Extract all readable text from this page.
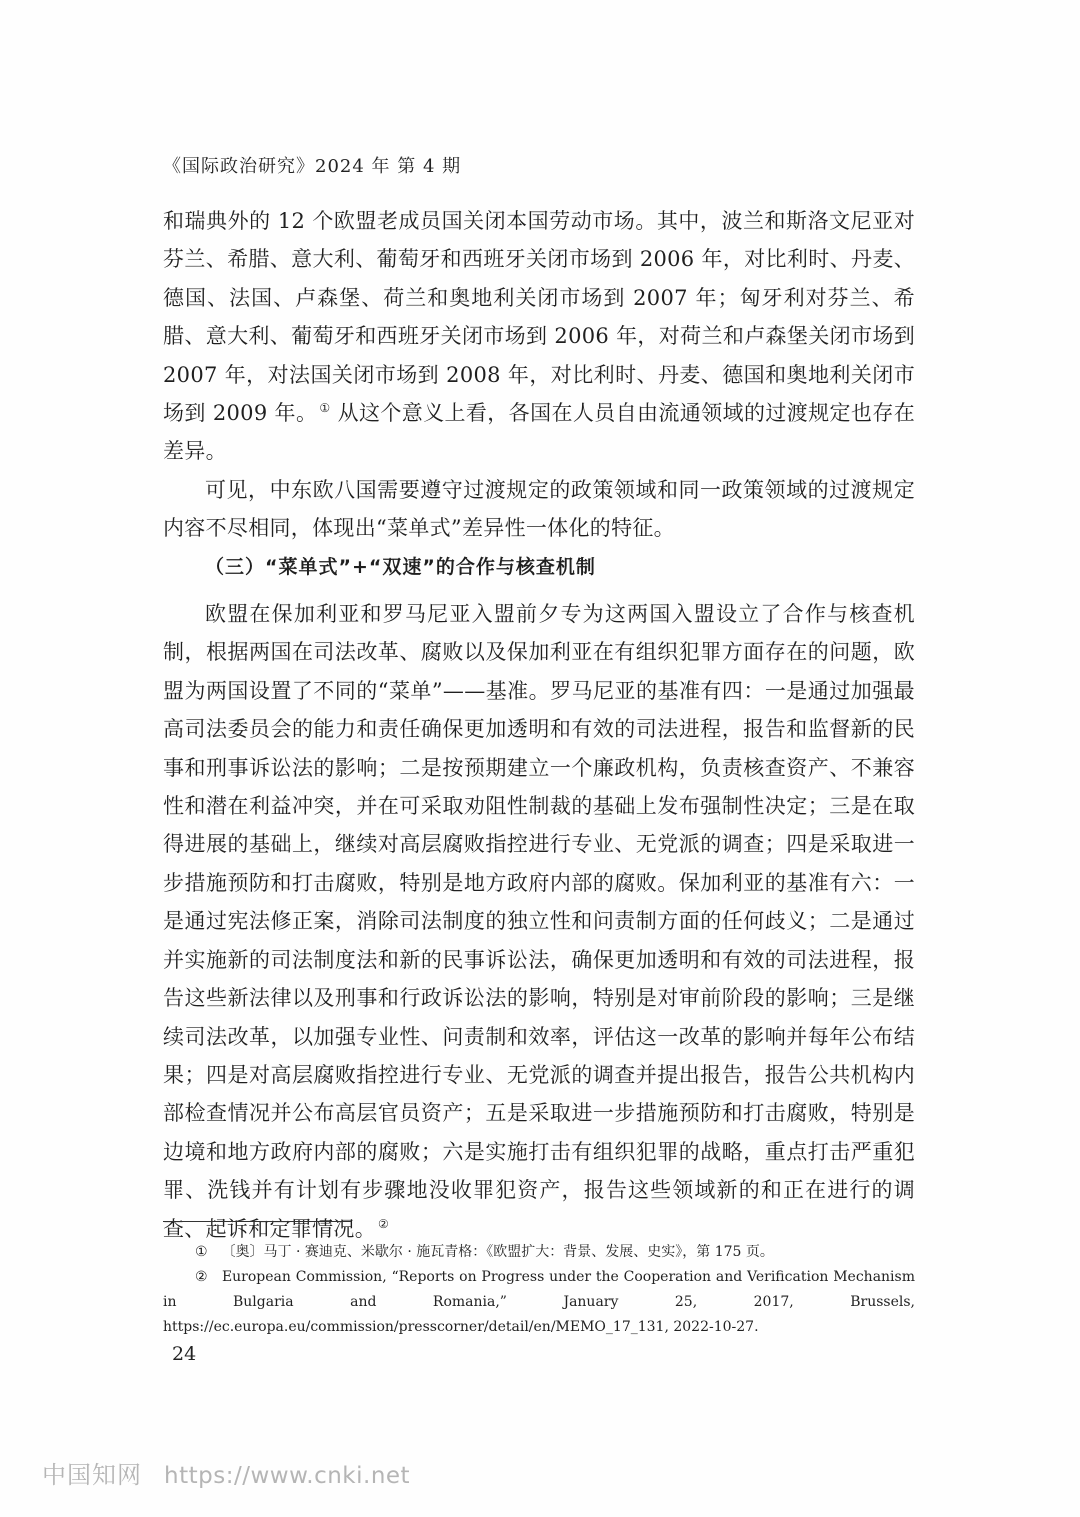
《国际政治研究》2024 年 第 4 期

和瑞典外的 12 个欧盟老成员国关闭本国劳动市场。其中，波兰和斯洛文尼亚对芬兰、希腊、意大利、葡萄牙和西班牙关闭市场到 2006 年，对比利时、丹麦、德国、法国、卢森堡、荷兰和奥地利关闭市场到 2007 年；匈牙利对芬兰、希腊、意大利、葡萄牙和西班牙关闭市场到 2006 年，对荷兰和卢森堡关闭市场到 2007 年，对法国关闭市场到 2008 年，对比利时、丹麦、德国和奥地利关闭市场到 2009 年。 ① 从这个意义上看，各国在人员自由流通领域的过渡规定也存在差异。

可见，中东欧八国需要遵守过渡规定的政策领域和同一政策领域的过渡规定内容不尽相同，体现出“菜单式”差异性一体化的特征。

（三）“菜单式”+“双速”的合作与核查机制

欧盟在保加利亚和罗马尼亚入盟前夕专为这两国入盟设立了合作与核查机制，根据两国在司法改革、腐败以及保加利亚在有组织犯罪方面存在的问题，欧盟为两国设置了不同的“菜单”——基准。罗马尼亚的基准有四：一是通过加强最高司法委员会的能力和责任确保更加透明和有效的司法进程，报告和监督新的民事和刑事诉讼法的影响；二是按预期建立一个廉政机构，负责核查资产、不兼容性和潜在利益冲突，并在可采取劝阻性制裁的基础上发布强制性决定；三是在取得进展的基础上，继续对高层腐败指控进行专业、无党派的调查；四是采取进一步措施预防和打击腐败，特别是地方政府内部的腐败。保加利亚的基准有六：一是通过宪法修正案，消除司法制度的独立性和问责制方面的任何歧义；二是通过并实施新的司法制度法和新的民事诉讼法，确保更加透明和有效的司法进程，报告这些新法律以及刑事和行政诉讼法的影响，特别是对审前阶段的影响；三是继续司法改革，以加强专业性、问责制和效率，评估这一改革的影响并每年公布结果；四是对高层腐败指控进行专业、无党派的调查并提出报告，报告公共机构内部检查情况并公布高层官员资产；五是采取进一步措施预防和打击腐败，特别是边境和地方政府内部的腐败；六是实施打击有组织犯罪的战略，重点打击严重犯罪、洗钱并有计划有步骤地没收罪犯资产，报告这些领域新的和正在进行的调查、起诉和定罪情况。 ②

① 〔奥〕马丁 · 赛迪克、米歇尔 · 施瓦青格：《欧盟扩大：背景、发展、史实》，第 175 页。

② European Commission, “Reports on Progress under the Cooperation and Verification Mechanism in Bulgaria and Romania,” January 25, 2017, Brussels, https://ec.europa.eu/commission/presscorner/detail/en/MEMO_17_131, 2022-10-27.

24
中国知网 https://www.cnki.net
